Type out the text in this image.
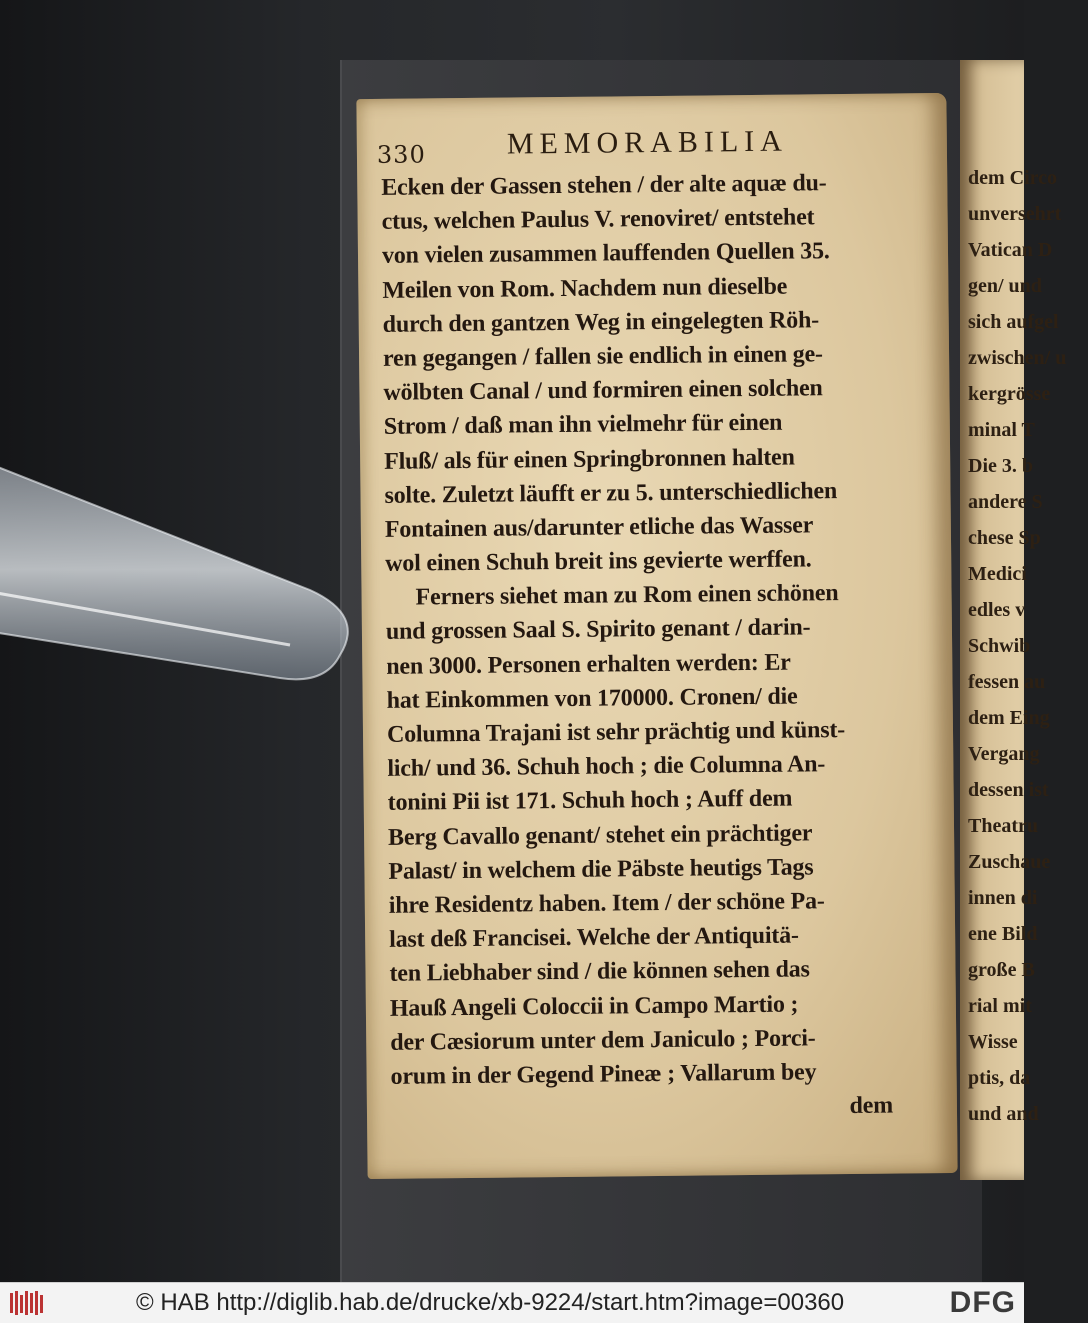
dem Circo
unversehrt
Vatican D
gen/ und
sich aufgel
zwischen/ u
kergrösse
minal T
Die 3. b
andere S
chese Sp
Medici
edles v
Schwib
fessen au
dem Eing
Vergang
dessen ist
Theatru
Zuschaue
innen di
ene Bild
große B
rial mit
Wisse
ptis, da
und and
330	MEMORABILIA
Ecken der Gassen stehen / der alte aquæ du-
ctus, welchen Paulus V. renoviret/ entstehet
von vielen zusammen lauffenden Quellen 35.
Meilen von Rom. Nachdem nun dieselbe
durch den gantzen Weg in eingelegten Röh-
ren gegangen / fallen sie endlich in einen ge-
wölbten Canal / und formiren einen solchen
Strom / daß man ihn vielmehr für einen
Fluß/ als für einen Springbronnen halten
solte. Zuletzt läufft er zu 5. unterschiedlichen
Fontainen aus/darunter etliche das Wasser
wol einen Schuh breit ins gevierte werffen.
Ferners siehet man zu Rom einen schönen
und grossen Saal S. Spirito genant / darin-
nen 3000. Personen erhalten werden: Er
hat Einkommen von 170000. Cronen/ die
Columna Trajani ist sehr prächtig und künst-
lich/ und 36. Schuh hoch ; die Columna An-
tonini Pii ist 171. Schuh hoch ; Auff dem
Berg Cavallo genant/ stehet ein prächtiger
Palast/ in welchem die Päbste heutigs Tags
ihre Residentz haben. Item / der schöne Pa-
last deß Francisei. Welche der Antiquitä-
ten Liebhaber sind / die können sehen das
Hauß Angeli Coloccii in Campo Martio ;
der Cæsiorum unter dem Janiculo ; Porci-
orum in der Gegend Pineæ ; Vallarum bey
dem
© HAB http://diglib.hab.de/drucke/xb-9224/start.htm?image=00360	DFG
